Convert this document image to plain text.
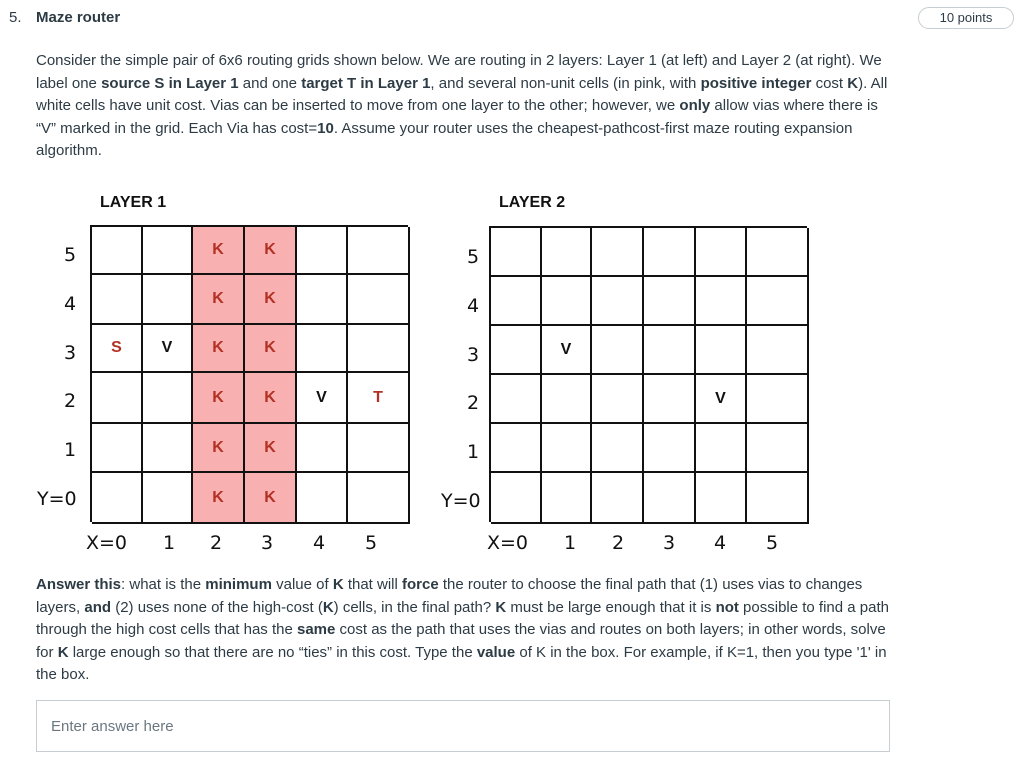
5. Maze router	10 points
Consider the simple pair of 6x6 routing grids shown below. We are routing in 2 layers: Layer 1 (at left) and Layer 2 (at right). We label one source S in Layer 1 and one target T in Layer 1, and several non-unit cells (in pink, with positive integer cost K). All white cells have unit cost. Vias can be inserted to move from one layer to the other; however, we only allow vias where there is “V” marked in the grid. Each Via has cost=10. Assume your router uses the cheapest-pathcost-first maze routing expansion algorithm.
LAYER 1
K	K
K	K
S	V	K	K
K	K	V	T
K	K
K	K
5
4
3
2
1
Y=0
X=0 1 2 3 4 5
LAYER 2
V
V
5
4
3
2
1
Y=0
X=0 1 2 3 4 5
Answer this: what is the minimum value of K that will force the router to choose the final path that (1) uses vias to changes layers, and (2) uses none of the high-cost (K) cells, in the final path? K must be large enough that it is not possible to find a path through the high cost cells that has the same cost as the path that uses the vias and routes on both layers; in other words, solve for K large enough so that there are no “ties” in this cost. Type the value of K in the box. For example, if K=1, then you type '1' in the box.
Enter answer here
